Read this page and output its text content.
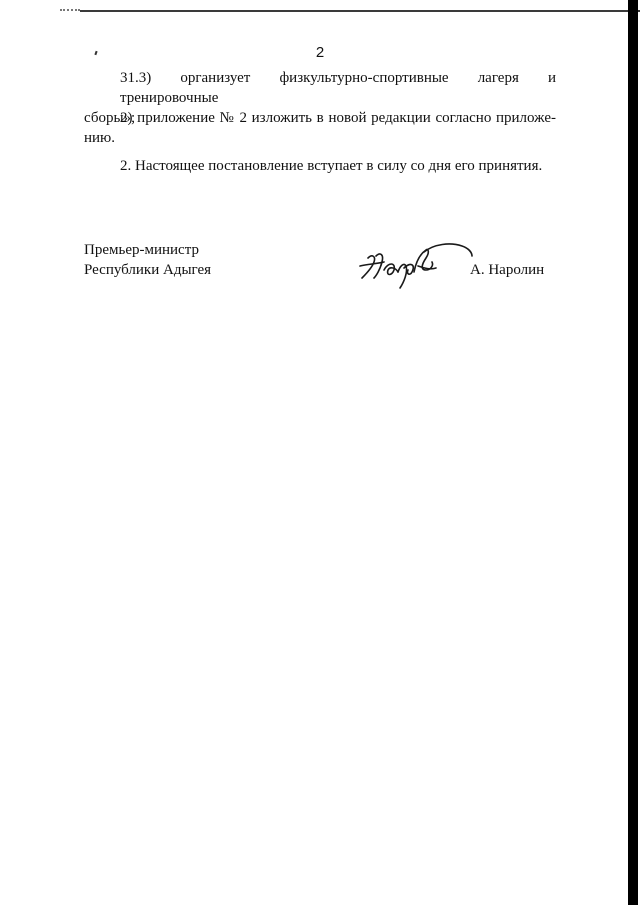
2
31.3) организует физкультурно-спортивные лагеря и тренировочные
сборы»;
2) приложение № 2 изложить в новой редакции согласно приложе-
нию.
2. Настоящее постановление вступает в силу со дня его принятия.
Премьер-министр
Республики Адыгея	А. Наролин
